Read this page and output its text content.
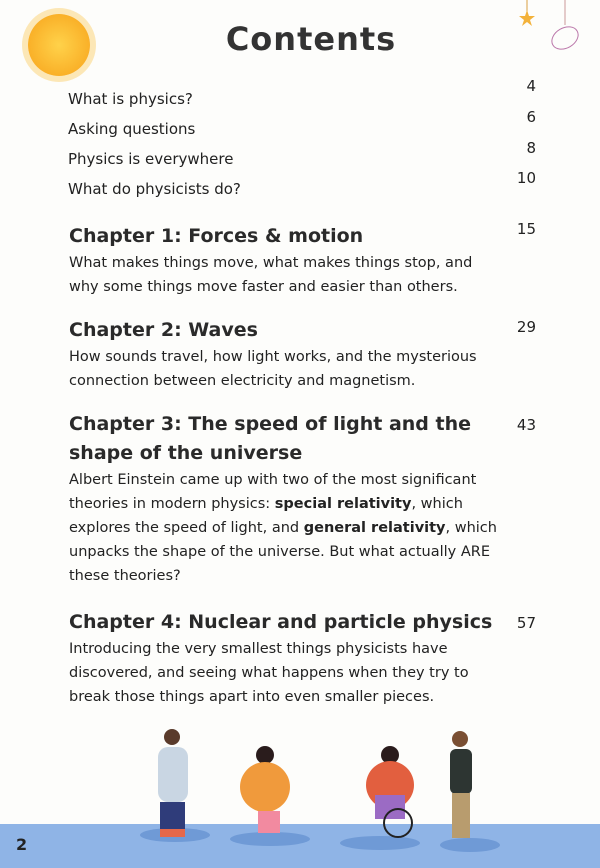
Contents
What is physics?
4
Asking questions
6
Physics is everywhere
8
What do physicists do?
10
Chapter 1: Forces & motion

What makes things move, what makes things stop, and why some things move faster and easier than others.

15
Chapter 2: Waves

How sounds travel, how light works, and the mysterious connection between electricity and magnetism.

29
Chapter 3: The speed of light and the shape of the universe

Albert Einstein came up with two of the most significant theories in modern physics: special relativity, which explores the speed of light, and general relativity, which unpacks the shape of the universe. But what actually ARE these theories?

43
Chapter 4: Nuclear and particle physics

Introducing the very smallest things physicists have discovered, and seeing what happens when they try to break those things apart into even smaller pieces.

57
2
